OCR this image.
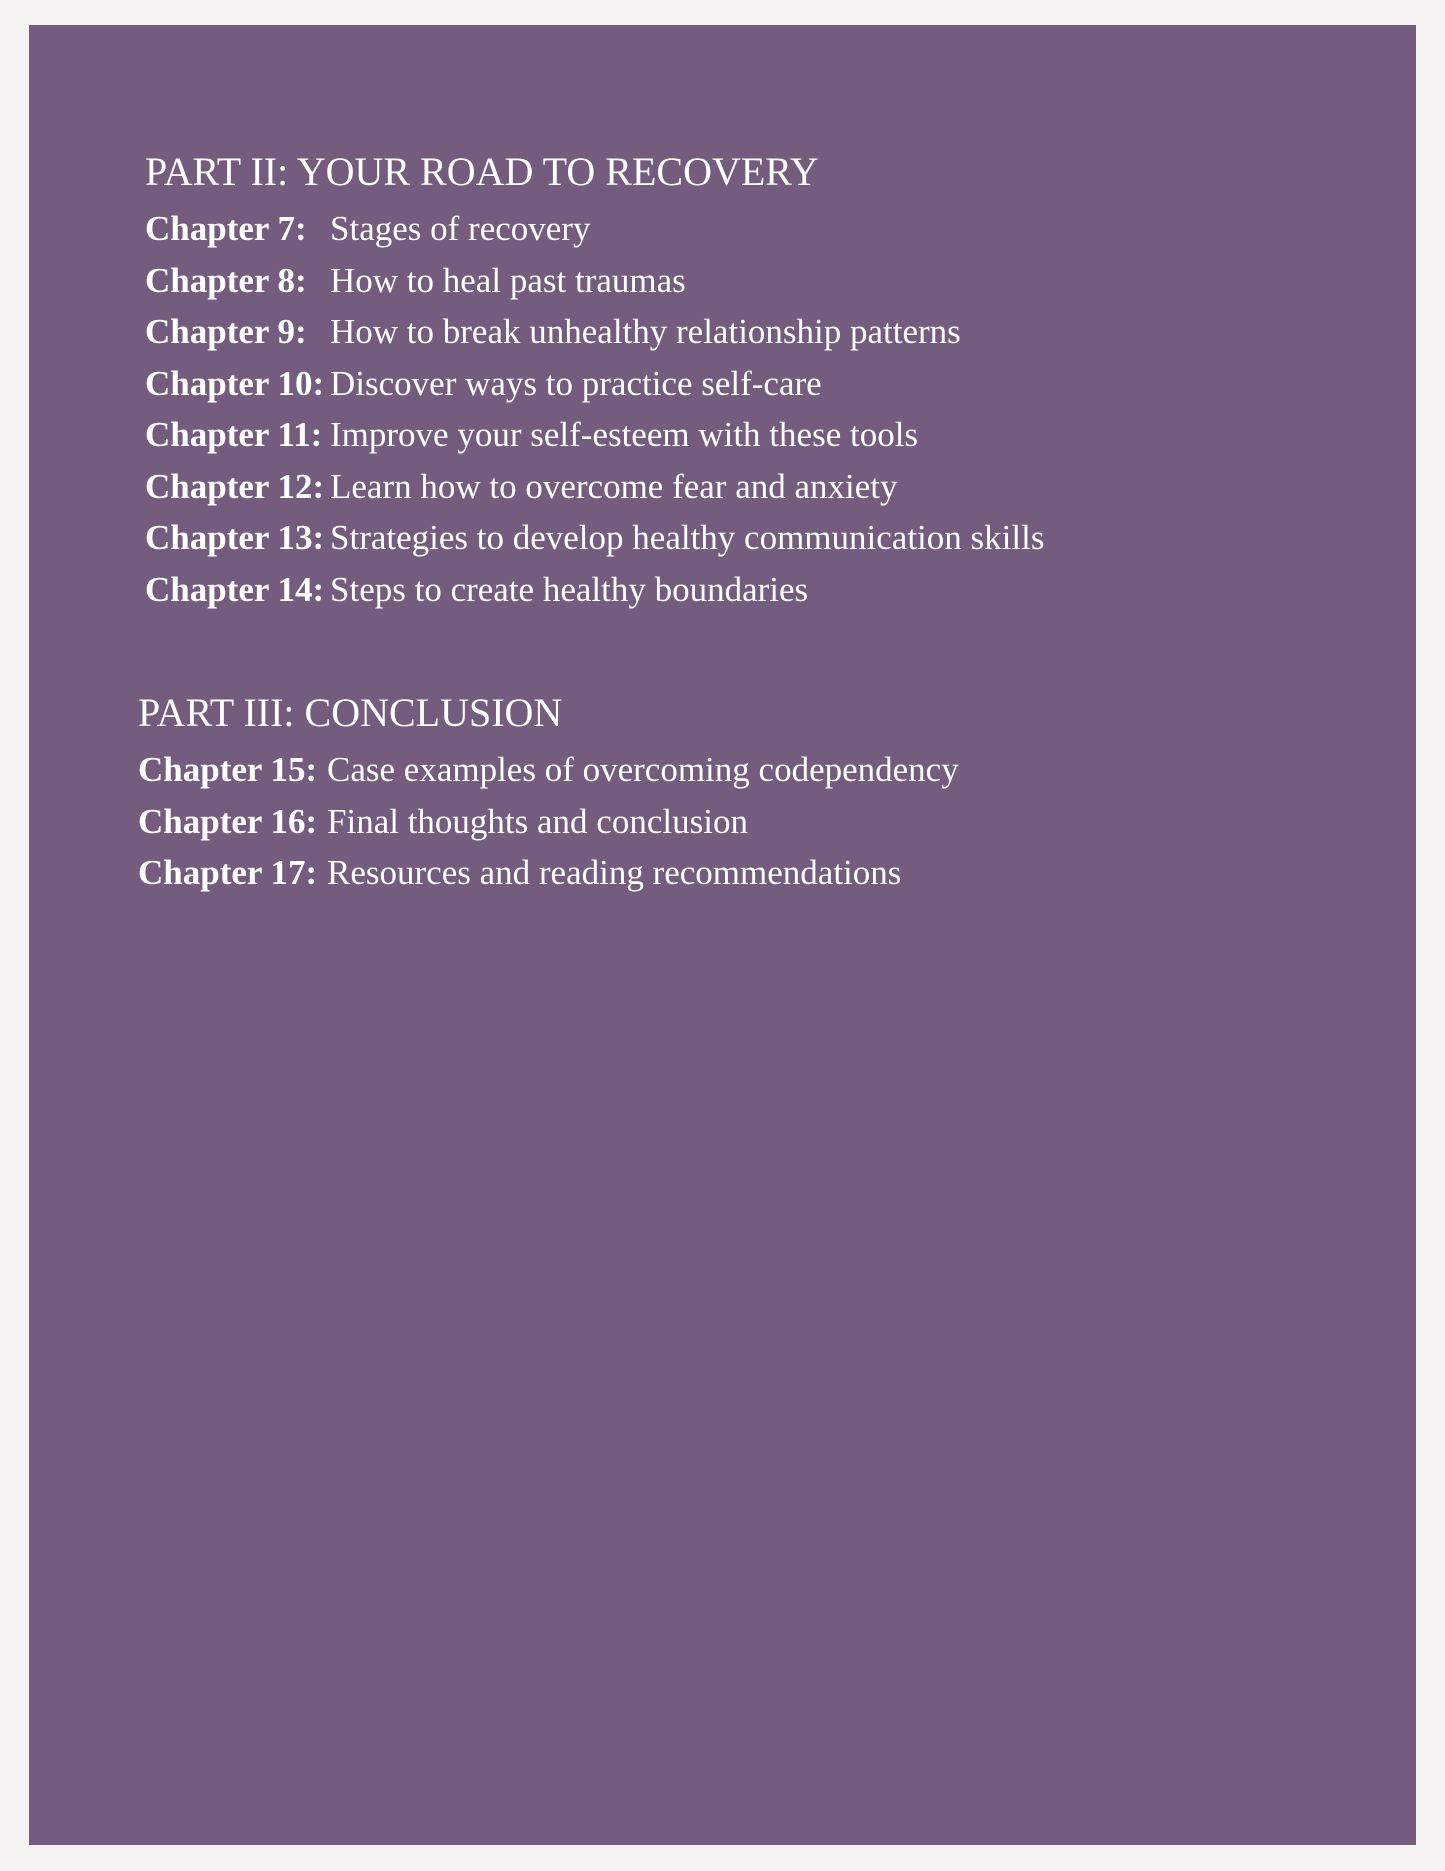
PART II: YOUR ROAD TO RECOVERY
Chapter 7: Stages of recovery
Chapter 8: How to heal past traumas
Chapter 9: How to break unhealthy relationship patterns
Chapter 10: Discover ways to practice self-care
Chapter 11: Improve your self-esteem with these tools
Chapter 12: Learn how to overcome fear and anxiety
Chapter 13: Strategies to develop healthy communication skills
Chapter 14: Steps to create healthy boundaries
PART III: CONCLUSION
Chapter 15: Case examples of overcoming codependency
Chapter 16: Final thoughts and conclusion
Chapter 17: Resources and reading recommendations
